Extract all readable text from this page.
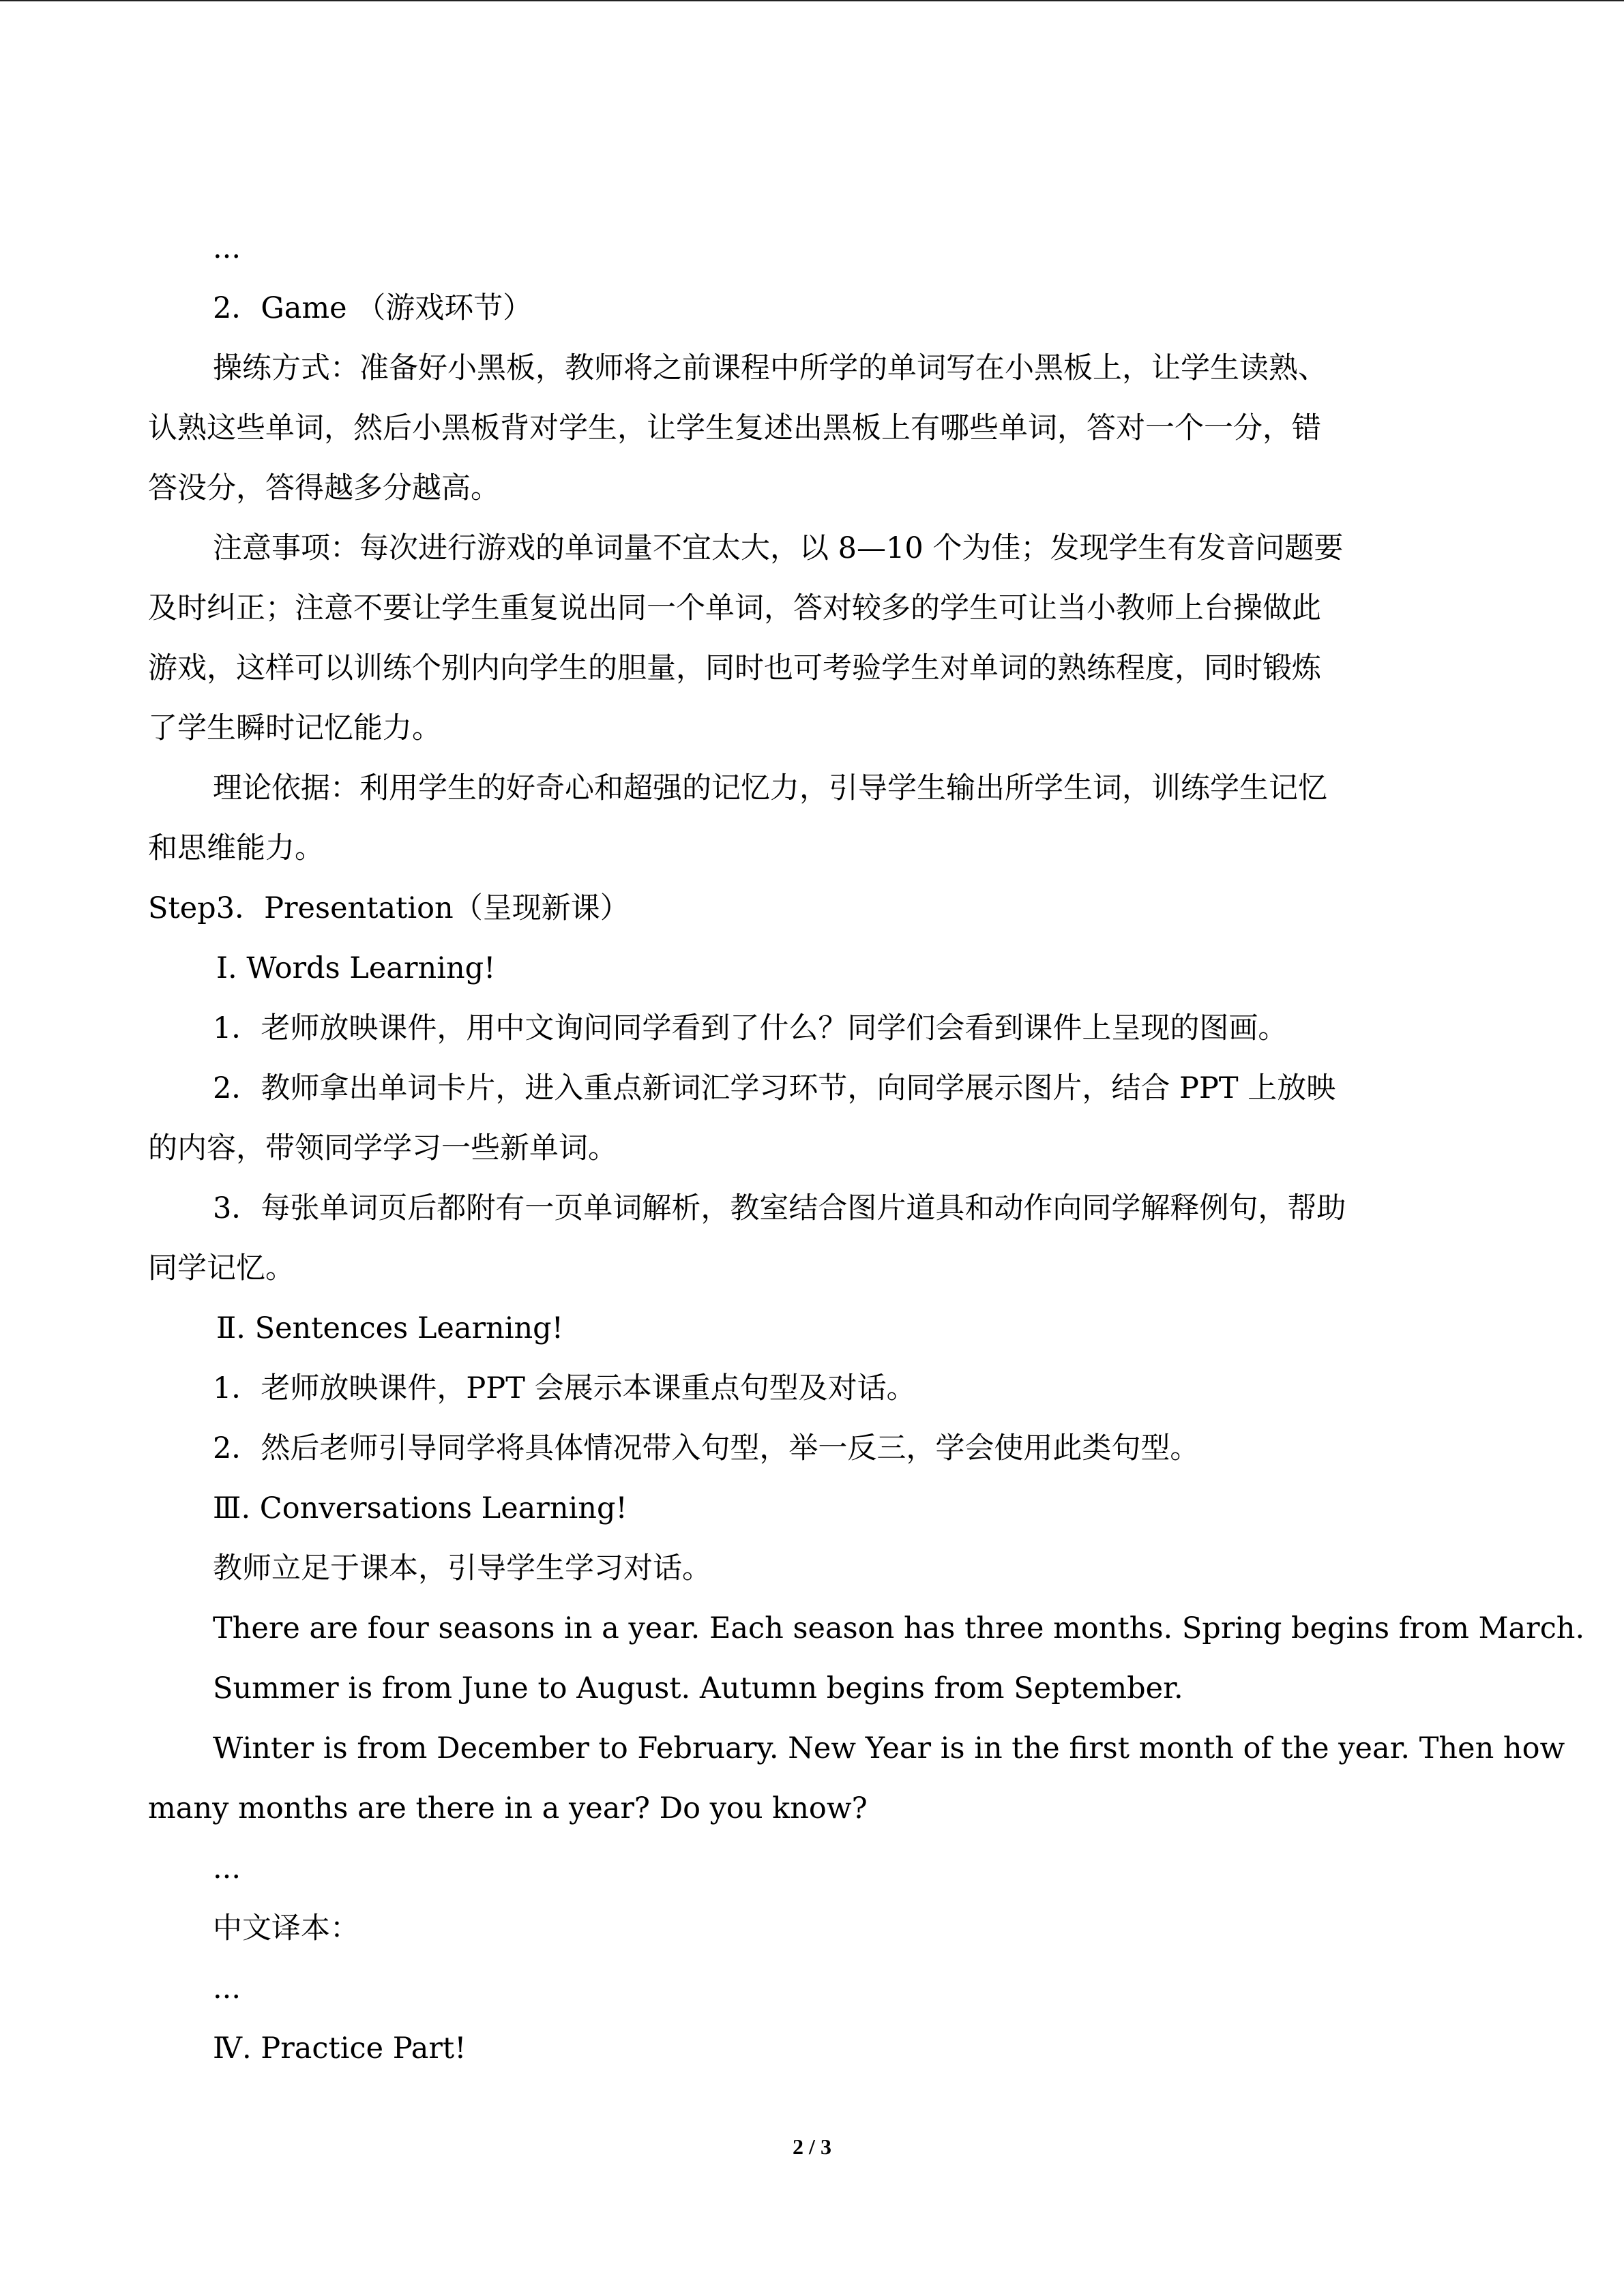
...
2．Game （游戏环节）
操练方式：准备好小黑板，教师将之前课程中所学的单词写在小黑板上，让学生读熟、
认熟这些单词，然后小黑板背对学生，让学生复述出黑板上有哪些单词，答对一个一分，错
答没分，答得越多分越高。
注意事项：每次进行游戏的单词量不宜太大，以 8—10 个为佳；发现学生有发音问题要
及时纠正；注意不要让学生重复说出同一个单词，答对较多的学生可让当小教师上台操做此
游戏，这样可以训练个别内向学生的胆量，同时也可考验学生对单词的熟练程度，同时锻炼
了学生瞬时记忆能力。
理论依据：利用学生的好奇心和超强的记忆力，引导学生输出所学生词，训练学生记忆
和思维能力。
Step3．Presentation（呈现新课）
Ⅰ. Words Learning!
1．老师放映课件，用中文询问同学看到了什么？同学们会看到课件上呈现的图画。
2．教师拿出单词卡片，进入重点新词汇学习环节，向同学展示图片，结合 PPT 上放映
的内容，带领同学学习一些新单词。
3．每张单词页后都附有一页单词解析，教室结合图片道具和动作向同学解释例句，帮助
同学记忆。
Ⅱ. Sentences Learning!
1．老师放映课件，PPT 会展示本课重点句型及对话。
2．然后老师引导同学将具体情况带入句型，举一反三，学会使用此类句型。
Ⅲ. Conversations Learning!
教师立足于课本，引导学生学习对话。
There are four seasons in a year. Each season has three months. Spring begins from March.
Summer is from June to August. Autumn begins from September.
Winter is from December to February. New Year is in the first month of the year. Then how
many months are there in a year? Do you know?
...
中文译本：
...
Ⅳ. Practice Part!
2 / 3
